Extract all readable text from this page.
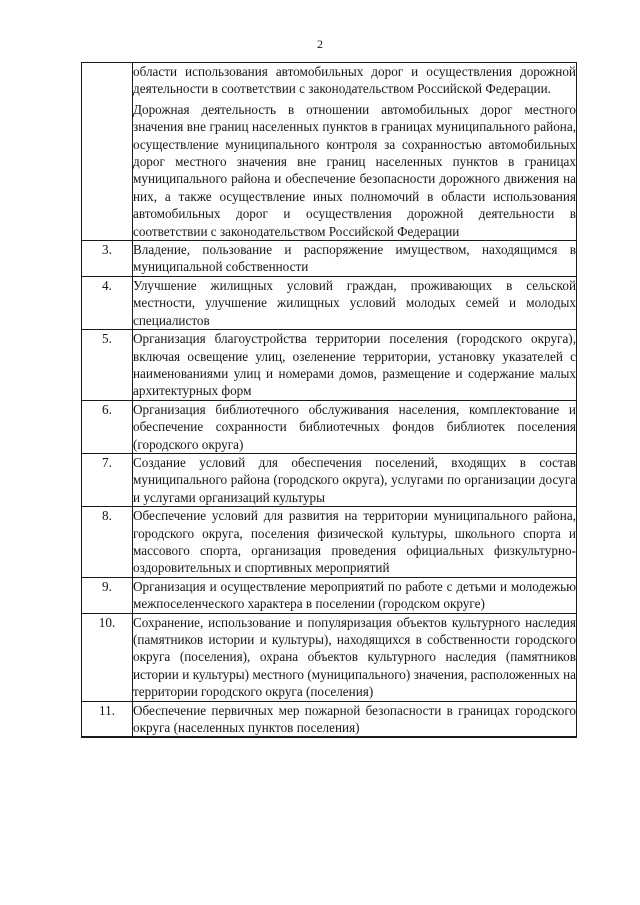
2

	области использования автомобильных дорог и осуществления дорожной деятельности в соответствии с законодательством Российской Федерации.

Дорожная деятельность в отношении автомобильных дорог местного значения вне границ населенных пунктов в границах муниципального района, осуществление муниципального контроля за сохранностью автомобильных дорог местного значения вне границ населенных пунктов в границах муниципального района и обеспечение безопасности дорожного движения на них, а также осуществление иных полномочий в области использования автомобильных дорог и осуществления дорожной деятельности в соответствии с законодательством Российской Федерации

3.	Владение, пользование и распоряжение имуществом, находящимся в муниципальной собственности

4.	Улучшение жилищных условий граждан, проживающих в сельской местности, улучшение жилищных условий молодых семей и молодых специалистов

5.	Организация благоустройства территории поселения (городского округа), включая освещение улиц, озеленение территории, установку указателей с наименованиями улиц и номерами домов, размещение и содержание малых архитектурных форм

6.	Организация библиотечного обслуживания населения, комплектование и обеспечение сохранности библиотечных фондов библиотек поселения (городского округа)

7.	Создание условий для обеспечения поселений, входящих в состав муниципального района (городского округа), услугами по организации досуга и услугами организаций культуры

8.	Обеспечение условий для развития на территории муниципального района, городского округа, поселения физической культуры, школьного спорта и массового спорта, организация проведения официальных физкультурно-оздоровительных и спортивных мероприятий

9.	Организация и осуществление мероприятий по работе с детьми и молодежью межпоселенческого характера в поселении (городском округе)

10.	Сохранение, использование и популяризация объектов культурного наследия (памятников истории и культуры), находящихся в собственности городского округа (поселения), охрана объектов культурного наследия (памятников истории и культуры) местного (муниципального) значения, расположенных на территории городского округа (поселения)

11.	Обеспечение первичных мер пожарной безопасности в границах городского округа (населенных пунктов поселения)
